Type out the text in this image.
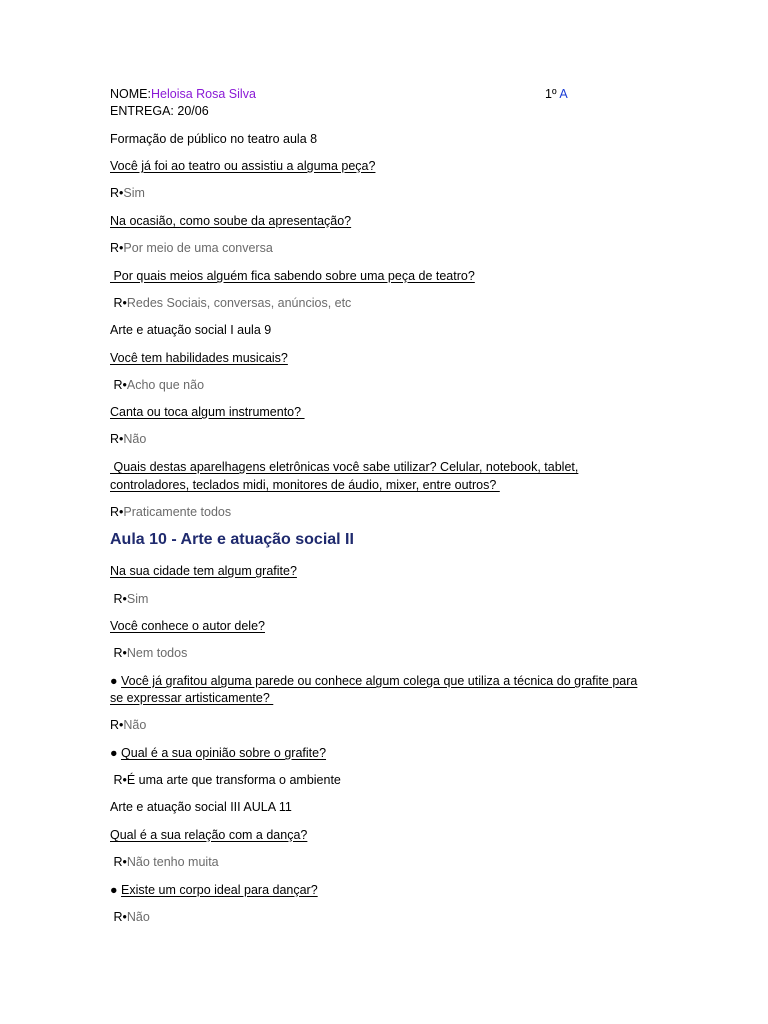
NOME:Heloisa Rosa Silva	1º A
ENTREGA: 20/06
Formação de público no teatro aula 8
Você já foi ao teatro ou assistiu a alguma peça?
R•Sim
Na ocasião, como soube da apresentação?
R•Por meio de uma conversa
Por quais meios alguém fica sabendo sobre uma peça de teatro?
R•Redes Sociais, conversas, anúncios, etc
Arte e atuação social I aula 9
Você tem habilidades musicais?
R•Acho que não
Canta ou toca algum instrumento?
R•Não
Quais destas aparelhagens eletrônicas você sabe utilizar? Celular, notebook, tablet,
controladores, teclados midi, monitores de áudio, mixer, entre outros?
R•Praticamente todos
Aula 10 - Arte e atuação social II
Na sua cidade tem algum grafite?
R•Sim
Você conhece o autor dele?
R•Nem todos
● Você já grafitou alguma parede ou conhece algum colega que utiliza a técnica do grafite para
se expressar artisticamente?
R•Não
● Qual é a sua opinião sobre o grafite?
R•É uma arte que transforma o ambiente
Arte e atuação social III AULA 11
Qual é a sua relação com a dança?
R•Não tenho muita
● Existe um corpo ideal para dançar?
R•Não
